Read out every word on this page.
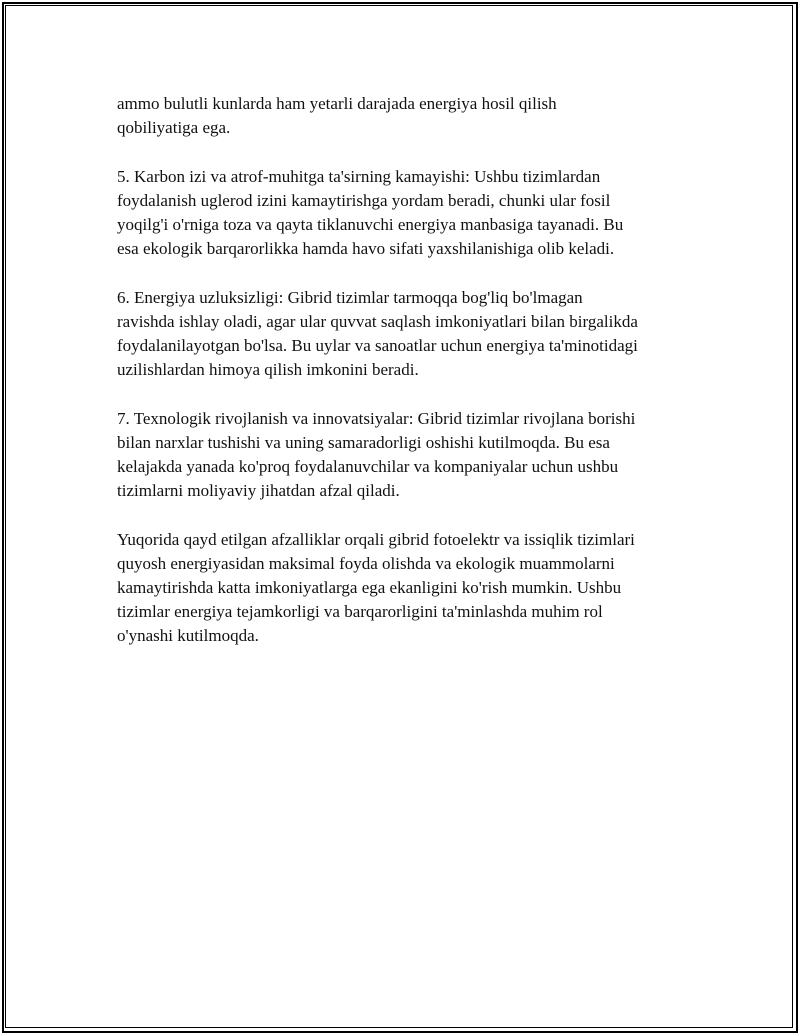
ammo bulutli kunlarda ham yetarli darajada energiya hosil qilish
qobiliyatiga ega.
5. Karbon izi va atrof-muhitga ta'sirning kamayishi: Ushbu tizimlardan
foydalanish uglerod izini kamaytirishga yordam beradi, chunki ular fosil
yoqilg'i o'rniga toza va qayta tiklanuvchi energiya manbasiga tayanadi. Bu
esa ekologik barqarorlikka hamda havo sifati yaxshilanishiga olib keladi.
6. Energiya uzluksizligi: Gibrid tizimlar tarmoqqa bog'liq bo'lmagan
ravishda ishlay oladi, agar ular quvvat saqlash imkoniyatlari bilan birgalikda
foydalanilayotgan bo'lsa. Bu uylar va sanoatlar uchun energiya ta'minotidagi
uzilishlardan himoya qilish imkonini beradi.
7. Texnologik rivojlanish va innovatsiyalar: Gibrid tizimlar rivojlana borishi
bilan narxlar tushishi va uning samaradorligi oshishi kutilmoqda. Bu esa
kelajakda yanada ko'proq foydalanuvchilar va kompaniyalar uchun ushbu
tizimlarni moliyaviy jihatdan afzal qiladi.
Yuqorida qayd etilgan afzalliklar orqali gibrid fotoelektr va issiqlik tizimlari
quyosh energiyasidan maksimal foyda olishda va ekologik muammolarni
kamaytirishda katta imkoniyatlarga ega ekanligini ko'rish mumkin. Ushbu
tizimlar energiya tejamkorligi va barqarorligini ta'minlashda muhim rol
o'ynashi kutilmoqda.
